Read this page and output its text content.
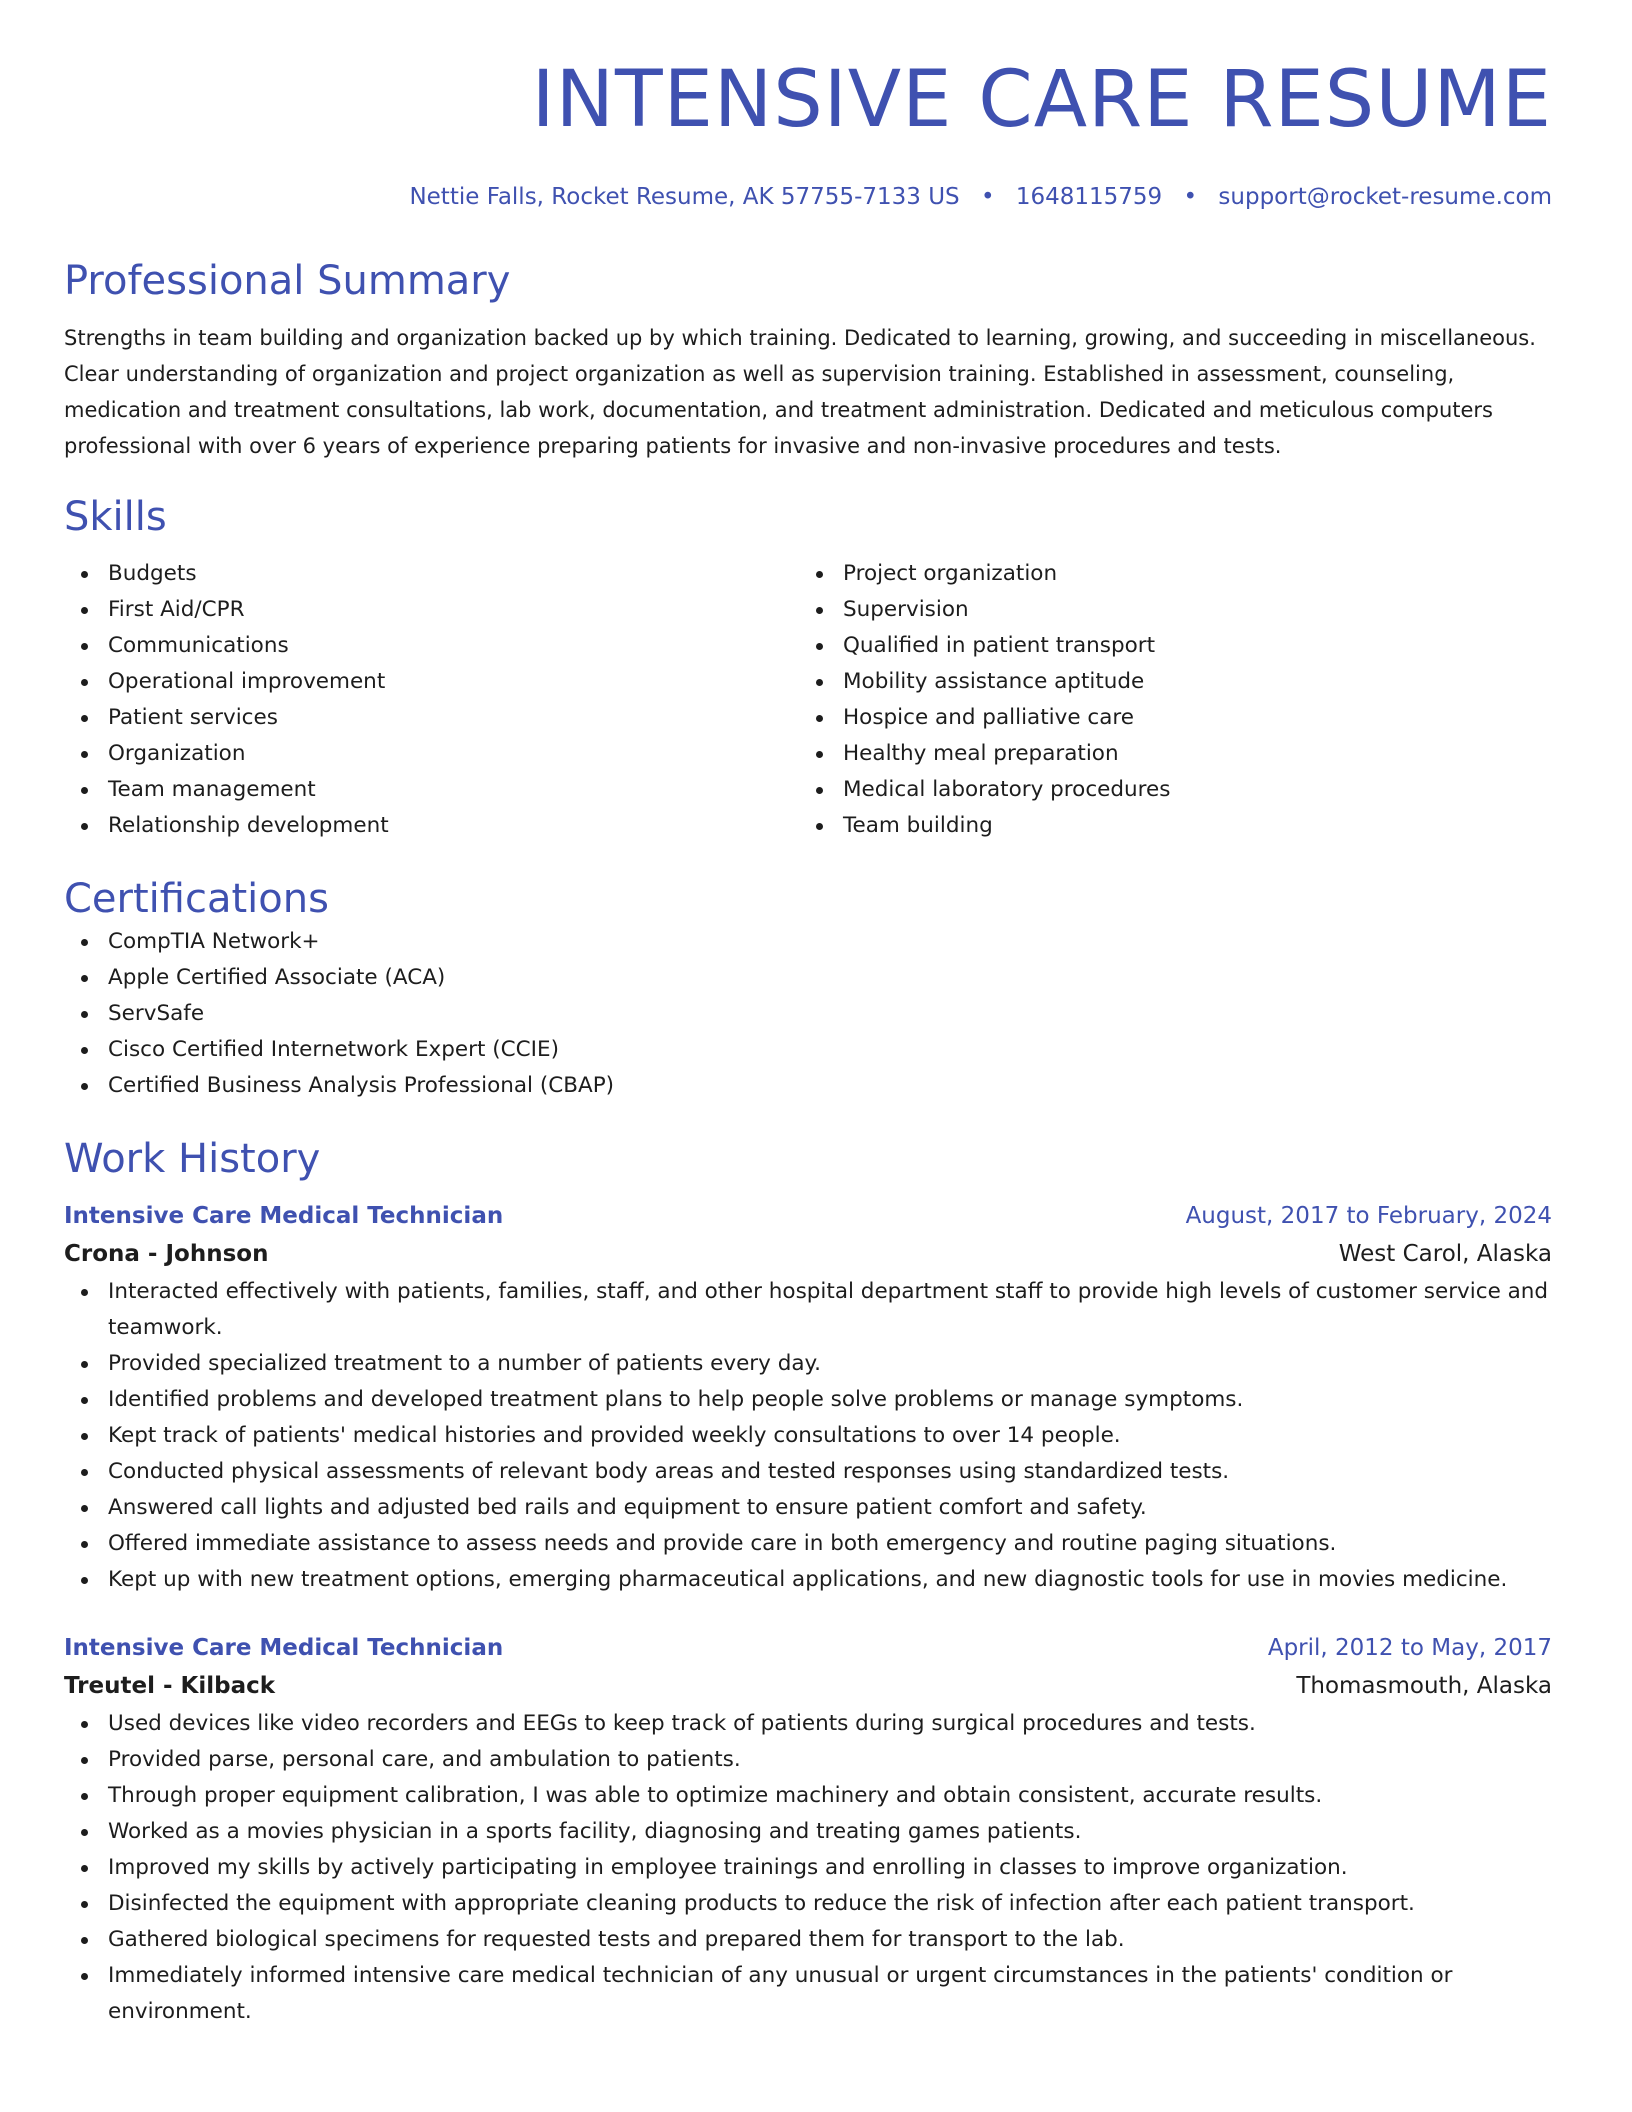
INTENSIVE CARE RESUME
Nettie Falls, Rocket Resume, AK 57755-7133 US • 1648115759 • support@rocket-resume.com
Professional Summary

Strengths in team building and organization backed up by which training. Dedicated to learning, growing, and succeeding in miscellaneous. Clear understanding of organization and project organization as well as supervision training. Established in assessment, counseling, medication and treatment consultations, lab work, documentation, and treatment administration. Dedicated and meticulous computers professional with over 6 years of experience preparing patients for invasive and non-invasive procedures and tests.

Skills
Budgets
First Aid/CPR
Communications
Operational improvement
Patient services
Organization
Team management
Relationship development
Project organization
Supervision
Qualified in patient transport
Mobility assistance aptitude
Hospice and palliative care
Healthy meal preparation
Medical laboratory procedures
Team building
Certifications
CompTIA Network+
Apple Certified Associate (ACA)
ServSafe
Cisco Certified Internetwork Expert (CCIE)
Certified Business Analysis Professional (CBAP)
Work History
Intensive Care Medical Technician	August, 2017 to February, 2024
Crona - Johnson	West Carol, Alaska
Interacted effectively with patients, families, staff, and other hospital department staff to provide high levels of customer service and teamwork.
Provided specialized treatment to a number of patients every day.
Identified problems and developed treatment plans to help people solve problems or manage symptoms.
Kept track of patients' medical histories and provided weekly consultations to over 14 people.
Conducted physical assessments of relevant body areas and tested responses using standardized tests.
Answered call lights and adjusted bed rails and equipment to ensure patient comfort and safety.
Offered immediate assistance to assess needs and provide care in both emergency and routine paging situations.
Kept up with new treatment options, emerging pharmaceutical applications, and new diagnostic tools for use in movies medicine.
Intensive Care Medical Technician	April, 2012 to May, 2017
Treutel - Kilback	Thomasmouth, Alaska
Used devices like video recorders and EEGs to keep track of patients during surgical procedures and tests.
Provided parse, personal care, and ambulation to patients.
Through proper equipment calibration, I was able to optimize machinery and obtain consistent, accurate results.
Worked as a movies physician in a sports facility, diagnosing and treating games patients.
Improved my skills by actively participating in employee trainings and enrolling in classes to improve organization.
Disinfected the equipment with appropriate cleaning products to reduce the risk of infection after each patient transport.
Gathered biological specimens for requested tests and prepared them for transport to the lab.
Immediately informed intensive care medical technician of any unusual or urgent circumstances in the patients' condition or environment.
